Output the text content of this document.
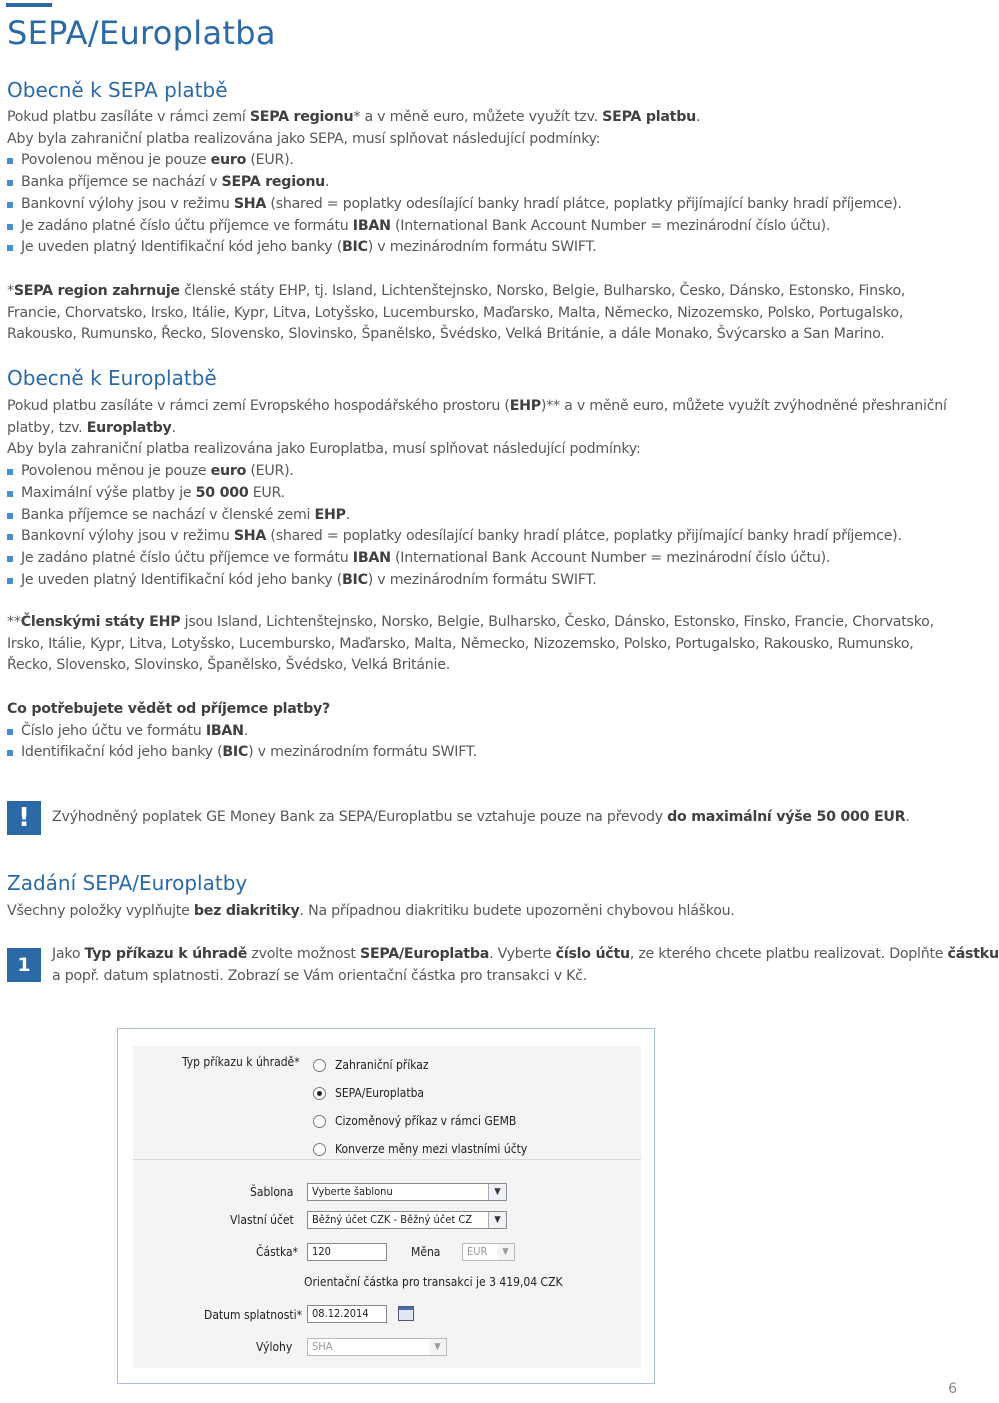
SEPA/Europlatba
Obecně k SEPA platbě

Pokud platbu zasíláte v rámci zemí SEPA regionu* a v měně euro, můžete využít tzv. SEPA platbu.

Aby byla zahraniční platba realizována jako SEPA, musí splňovat následující podmínky:

Povolenou měnou je pouze euro (EUR).
Banka příjemce se nachází v SEPA regionu.
Bankovní výlohy jsou v režimu SHA (shared = poplatky odesílající banky hradí plátce, poplatky přijímající banky hradí příjemce).
Je zadáno platné číslo účtu příjemce ve formátu IBAN (International Bank Account Number = mezinárodní číslo účtu).
Je uveden platný Identifikační kód jeho banky (BIC) v mezinárodním formátu SWIFT.

*SEPA region zahrnuje členské státy EHP, tj. Island, Lichtenštejnsko, Norsko, Belgie, Bulharsko, Česko, Dánsko, Estonsko, Finsko, Francie, Chorvatsko, Irsko, Itálie, Kypr, Litva, Lotyšsko, Lucembursko, Maďarsko, Malta, Německo, Nizozemsko, Polsko, Portugalsko, Rakousko, Rumunsko, Řecko, Slovensko, Slovinsko, Španělsko, Švédsko, Velká Británie, a dále Monako, Švýcarsko a San Marino.

Obecně k Europlatbě

Pokud platbu zasíláte v rámci zemí Evropského hospodářského prostoru (EHP)** a v měně euro, můžete využít zvýhodněné přeshraniční platby, tzv. Europlatby.

Aby byla zahraniční platba realizována jako Europlatba, musí splňovat následující podmínky:

Povolenou měnou je pouze euro (EUR).
Maximální výše platby je 50 000 EUR.
Banka příjemce se nachází v členské zemi EHP.
Bankovní výlohy jsou v režimu SHA (shared = poplatky odesílající banky hradí plátce, poplatky přijímající banky hradí příjemce).
Je zadáno platné číslo účtu příjemce ve formátu IBAN (International Bank Account Number = mezinárodní číslo účtu).
Je uveden platný Identifikační kód jeho banky (BIC) v mezinárodním formátu SWIFT.

**Členskými státy EHP jsou Island, Lichtenštejnsko, Norsko, Belgie, Bulharsko, Česko, Dánsko, Estonsko, Finsko, Francie, Chorvatsko, Irsko, Itálie, Kypr, Litva, Lotyšsko, Lucembursko, Maďarsko, Malta, Německo, Nizozemsko, Polsko, Portugalsko, Rakousko, Rumunsko, Řecko, Slovensko, Slovinsko, Španělsko, Švédsko, Velká Británie.

Co potřebujete vědět od příjemce platby?

Číslo jeho účtu ve formátu IBAN.
Identifikační kód jeho banky (BIC) v mezinárodním formátu SWIFT.
!	Zvýhodněný poplatek GE Money Bank za SEPA/Europlatbu se vztahuje pouze na převody do maximální výše 50 000 EUR.

Zadání SEPA/Europlatby

Všechny položky vyplňujte bez diakritiky. Na případnou diakritiku budete upozorněni chybovou hláškou.

1	Jako Typ příkazu k úhradě zvolte možnost SEPA/Europlatba. Vyberte číslo účtu, ze kterého chcete platbu realizovat. Doplňte částku

a popř. datum splatnosti. Zobrazí se Vám orientační částka pro transakci v Kč.

Typ příkazu k úhradě*	Zahraniční příkaz
SEPA/Europlatba
Cizoměnový příkaz v rámci GEMB
Konverze měny mezi vlastními účty
Šablona	Vyberte šablonu	▼
Vlastní účet	Běžný účet CZK - Běžný účet CZ	▼
Částka*	120	Měna	EUR	▼
Orientační částka pro transakci je 3 419,04 CZK
Datum splatnosti* 08.12.2014
Výlohy	SHA	▼
6
